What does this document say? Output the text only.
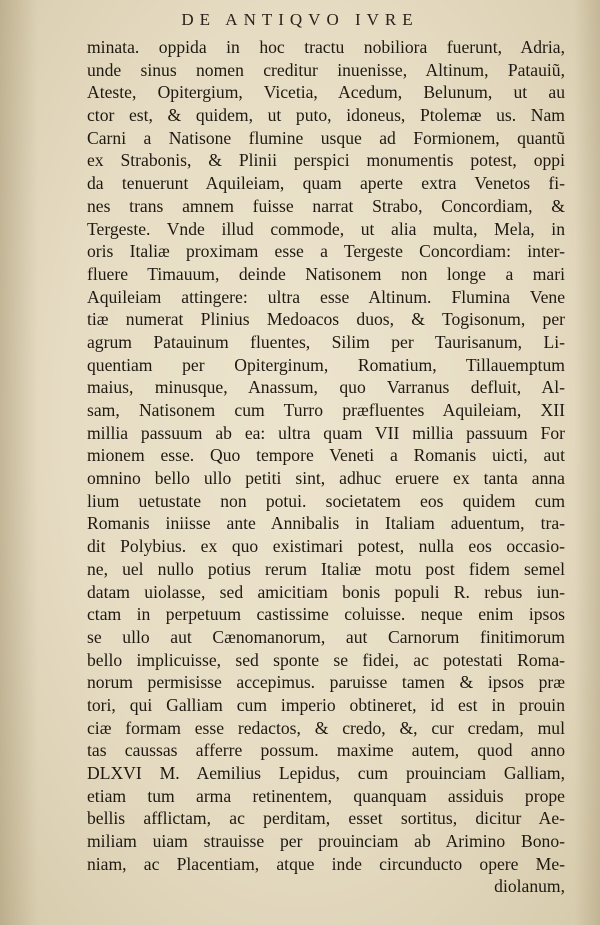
DE ANTIQVO IVRE
minata. oppida in hoc tractu nobiliora fuerunt, Adria,
unde sinus nomen creditur inuenisse, Altinum, Patauiũ,
Ateste, Opitergium, Vicetia, Acedum, Belunum, ut au
ctor est, & quidem, ut puto, idoneus, Ptolemæ us. Nam
Carni a Natisone flumine usque ad Formionem, quantũ
ex Strabonis, & Plinii perspici monumentis potest, oppi
da tenuerunt Aquileiam, quam aperte extra Venetos fi-
nes trans amnem fuisse narrat Strabo, Concordiam, &
Tergeste. Vnde illud commode, ut alia multa, Mela, in
oris Italiæ proximam esse a Tergeste Concordiam: inter-
fluere Timauum, deinde Natisonem non longe a mari
Aquileiam attingere: ultra esse Altinum. Flumina Vene
tiæ numerat Plinius Medoacos duos, & Togisonum, per
agrum Patauinum fluentes, Silim per Taurisanum, Li-
quentiam per Opiterginum, Romatium, Tillauemptum
maius, minusque, Anassum, quo Varranus defluit, Al-
sam, Natisonem cum Turro præfluentes Aquileiam, XII
millia passuum ab ea: ultra quam VII millia passuum For
mionem esse. Quo tempore Veneti a Romanis uicti, aut
omnino bello ullo petiti sint, adhuc eruere ex tanta anna
lium uetustate non potui. societatem eos quidem cum
Romanis iniisse ante Annibalis in Italiam aduentum, tra-
dit Polybius. ex quo existimari potest, nulla eos occasio-
ne, uel nullo potius rerum Italiæ motu post fidem semel
datam uiolasse, sed amicitiam bonis populi R. rebus iun-
ctam in perpetuum castissime coluisse. neque enim ipsos
se ullo aut Cænomanorum, aut Carnorum finitimorum
bello implicuisse, sed sponte se fidei, ac potestati Roma-
norum permisisse accepimus. paruisse tamen & ipsos præ
tori, qui Galliam cum imperio obtineret, id est in prouin
ciæ formam esse redactos, & credo, &, cur credam, mul
tas caussas afferre possum. maxime autem, quod anno
DLXVI M. Aemilius Lepidus, cum prouinciam Galliam,
etiam tum arma retinentem, quanquam assiduis prope
bellis afflictam, ac perditam, esset sortitus, dicitur Ae-
miliam uiam strauisse per prouinciam ab Arimino Bono-
niam, ac Placentiam, atque inde circunducto opere Me-
diolanum,
